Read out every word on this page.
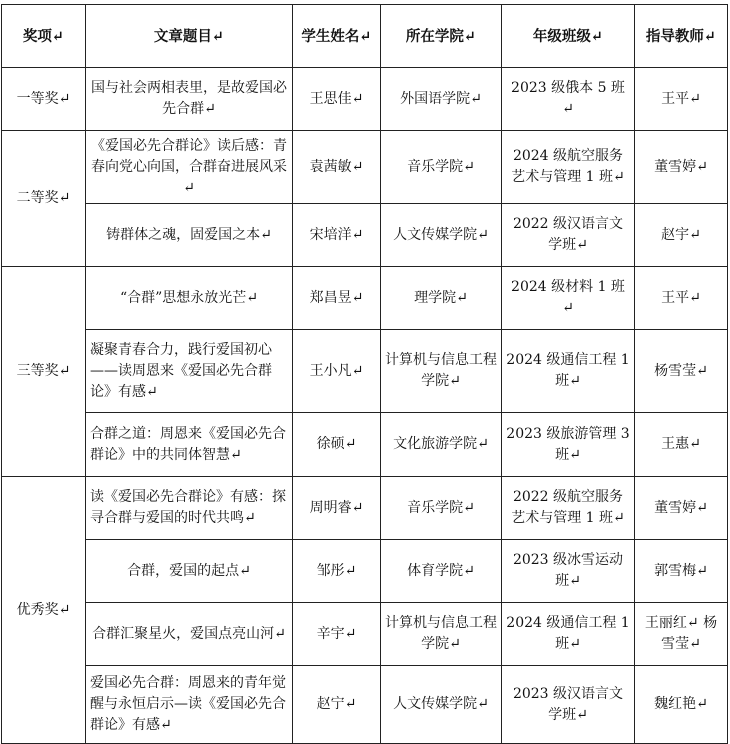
奖项↵	文章题目↵	学生姓名↵	所在学院↵	年级班级↵	指导教师↵
一等奖↵	国与社会两相表里，是故爱国必先合群↵	王思佳↵	外国语学院↵	2023 级俄本 5 班↵	王平↵
二等奖↵	《爱国必先合群论》读后感：青春向党心向国，合群奋进展风采↵	袁茜敏↵	音乐学院↵	2024 级航空服务艺术与管理 1 班↵	董雪婷↵
	铸群体之魂，固爱国之本↵	宋培洋↵	人文传媒学院↵	2022 级汉语言文学班↵	赵宇↵
三等奖↵	“合群”思想永放光芒↵	郑昌昱↵	理学院↵	2024 级材料 1 班↵	王平↵
	凝聚青春合力，践行爱国初心——读周恩来《爱国必先合群论》有感↵	王小凡↵	计算机与信息工程学院↵	2024 级通信工程 1 班↵	杨雪莹↵
	合群之道：周恩来《爱国必先合群论》中的共同体智慧↵	徐硕↵	文化旅游学院↵	2023 级旅游管理 3 班↵	王惠↵
优秀奖↵	读《爱国必先合群论》有感：探寻合群与爱国的时代共鸣↵	周明睿↵	音乐学院↵	2022 级航空服务艺术与管理 1 班↵	董雪婷↵
	合群，爱国的起点↵	邹彤↵	体育学院↵	2023 级冰雪运动班↵	郭雪梅↵
	合群汇聚星火，爱国点亮山河↵	辛宇↵	计算机与信息工程学院↵	2024 级通信工程 1 班↵	王丽红↵ 杨雪莹↵
	爱国必先合群：周恩来的青年觉醒与永恒启示—读《爱国必先合群论》有感↵	赵宁↵	人文传媒学院↵	2023 级汉语言文学班↵	魏红艳↵
